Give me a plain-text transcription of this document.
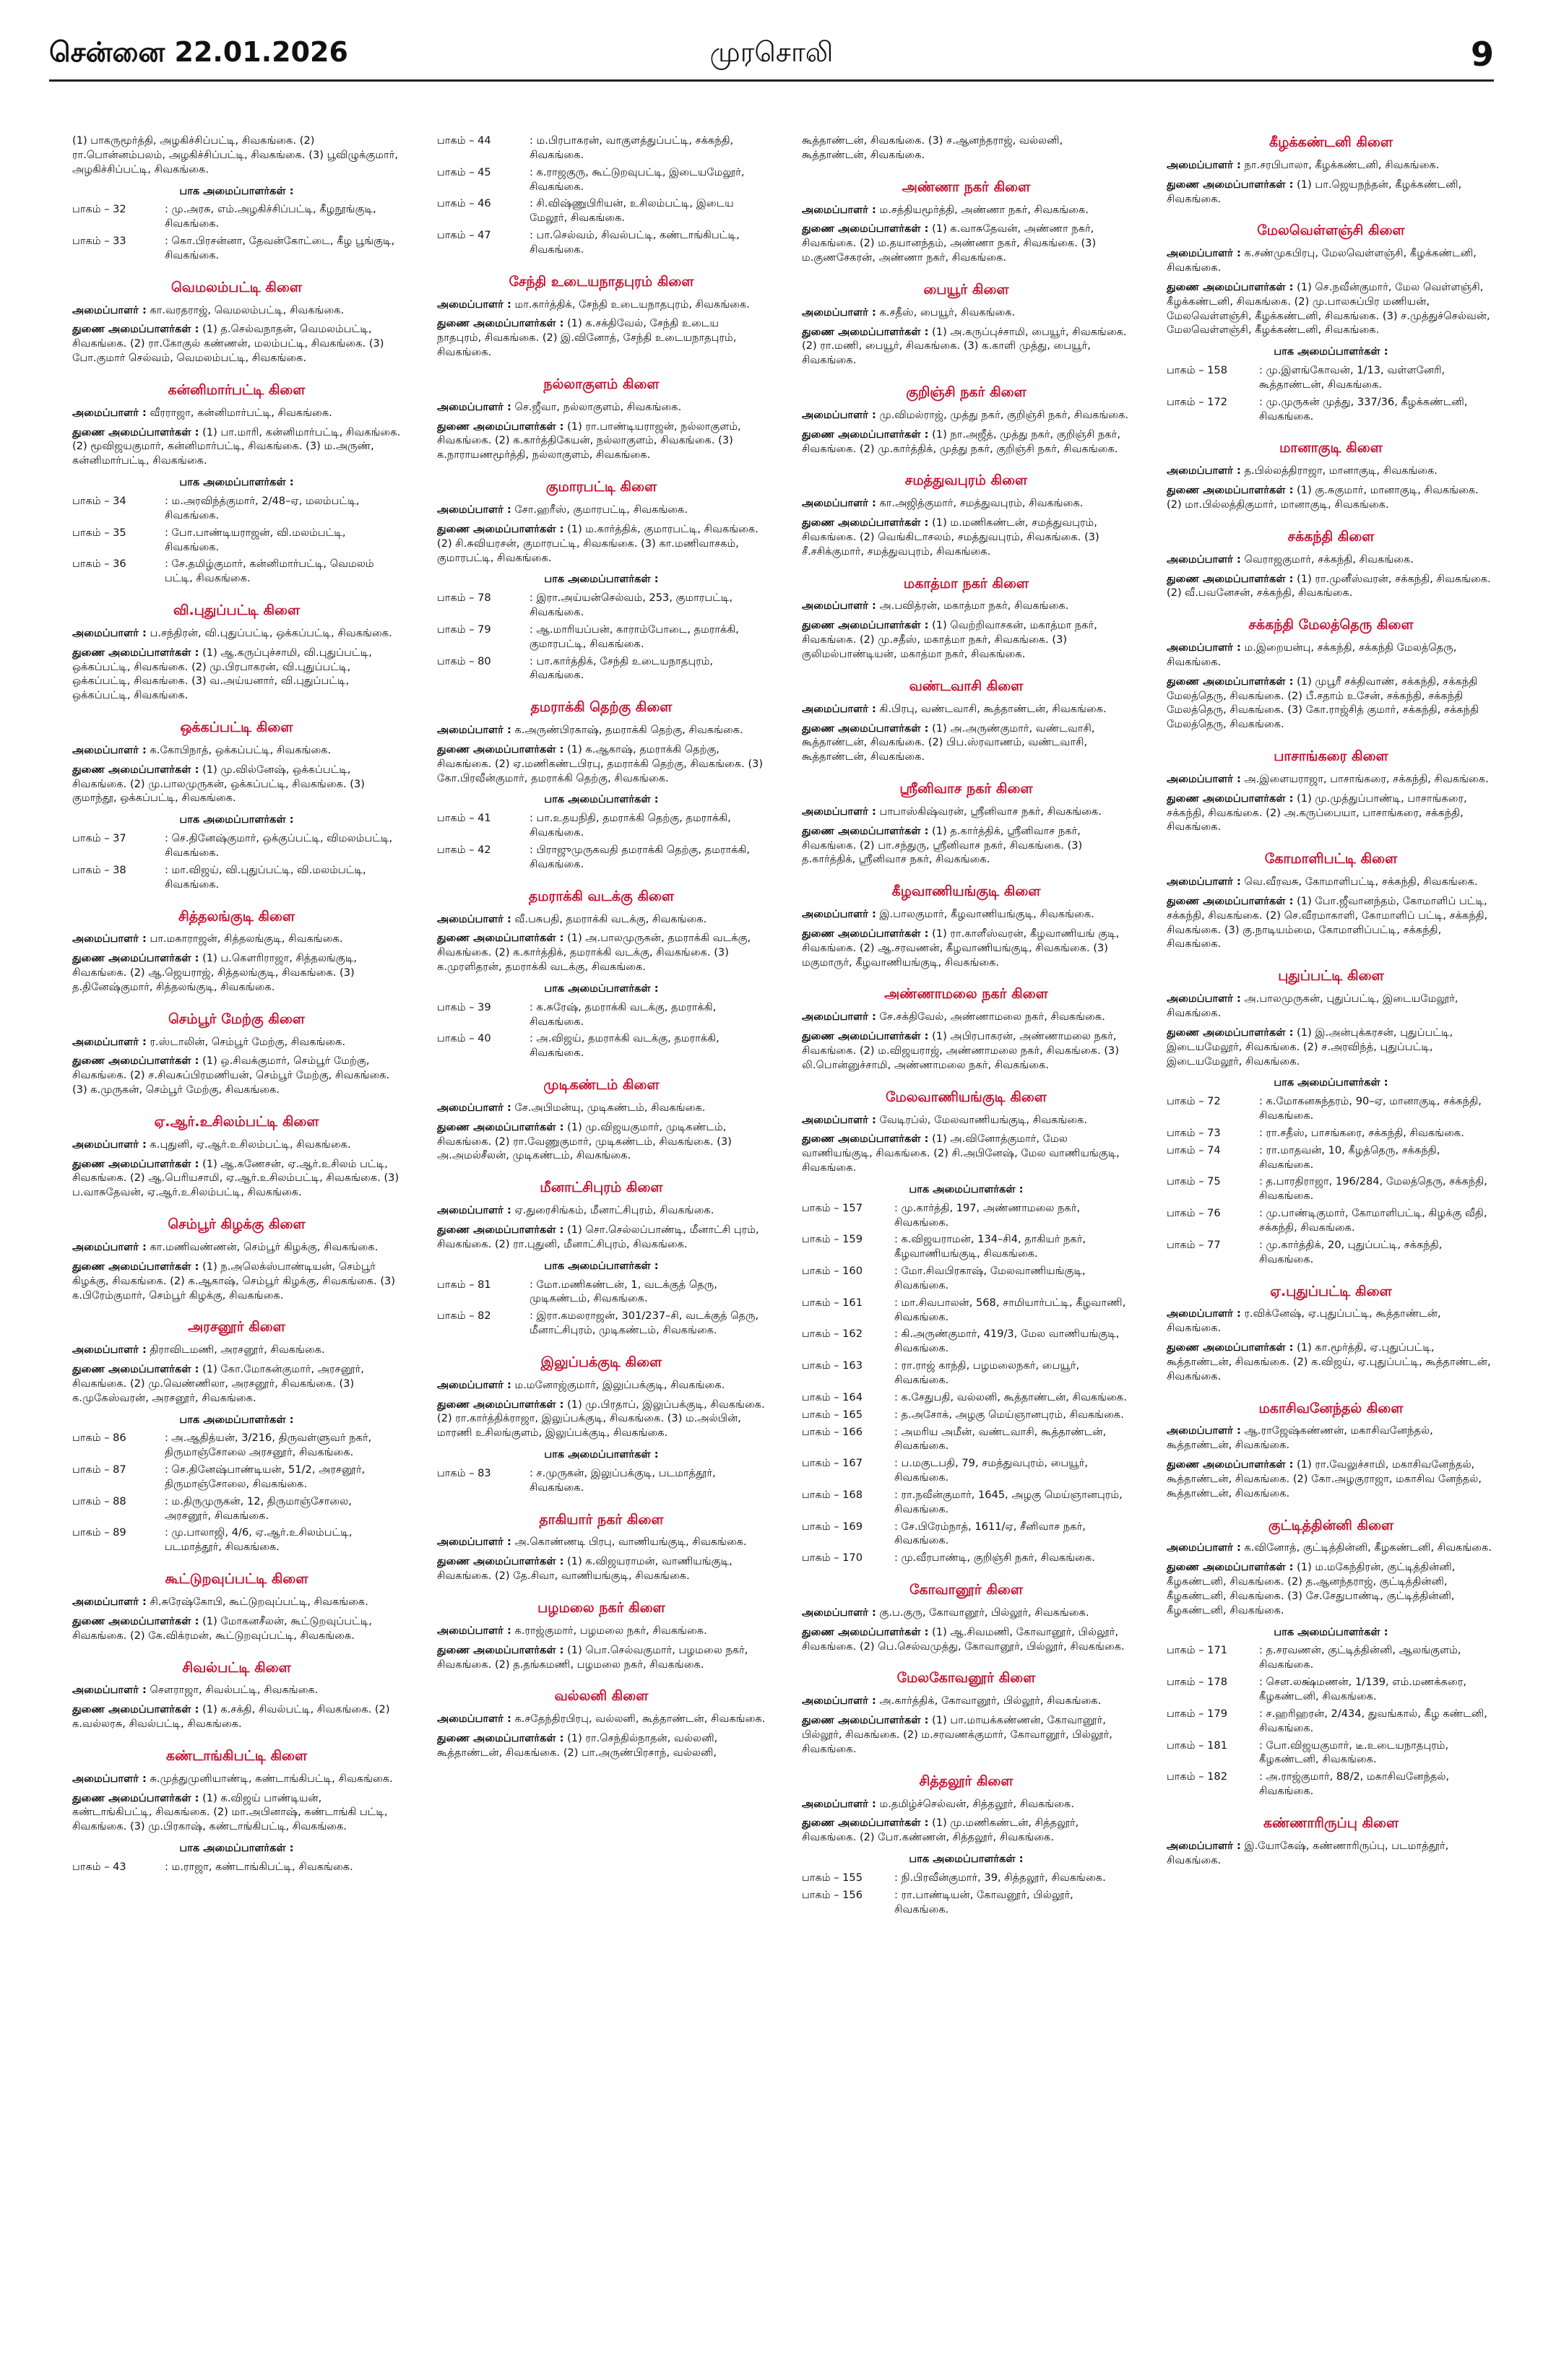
சென்னை 22.01.2026	முரசொலி	9

(1) பாகருமூர்த்தி, அழகிச்சிப்பட்டி, சிவகங்கை. (2) ரா.பொன்னம்பலம், அழகிச்சிப்பட்டி, சிவகங்கை. (3) பூவிழுக்குமார், அழகிச்சிப்பட்டி, சிவகங்கை.

பாக அமைப்பாளர்கள் :
பாகம் – 32	: மு.அரசு, எம்.அழகிச்சிப்பட்டி, கீழநூங்குடி, சிவகங்கை.
பாகம் – 33	: கொ.பிரசன்னா, தேவன்கோட்டை, கீழ பூங்குடி, சிவகங்கை.
வெமலம்பட்டி கிளை

அமைப்பாளர் : கா.வரதராஜ், வெமலம்பட்டி, சிவகங்கை.

துணை அமைப்பாளர்கள் : (1) த.செல்வநாதன், வெமலம்பட்டி, சிவகங்கை. (2) ரா.கோகுல் கண்ணன், மலம்பட்டி, சிவகங்கை. (3) போ.குமார் செல்வம், வெமலம்பட்டி, சிவகங்கை.

கன்னிமார்பட்டி கிளை

அமைப்பாளர் : வீரராஜா, கன்னிமார்பட்டி, சிவகங்கை.

துணை அமைப்பாளர்கள் : (1) பா.மாரி, கன்னிமார்பட்டி, சிவகங்கை. (2) மூவிஜயகுமார், கன்னிமார்பட்டி, சிவகங்கை. (3) ம.அருண், கன்னிமார்பட்டி, சிவகங்கை.

பாக அமைப்பாளர்கள் :
பாகம் – 34	: ம.அரவிந்த்குமார், 2/48–ஏ, மலம்பட்டி, சிவகங்கை.
பாகம் – 35	: போ.பாண்டியராஜன், வி.மலம்பட்டி, சிவகங்கை.
பாகம் – 36	: சே.தமிழ்குமார், கன்னிமார்பட்டி, வெமலம் பட்டி, சிவகங்கை.
வி.புதுப்பட்டி கிளை

அமைப்பாளர் : ப.சந்திரன், வி.புதுப்பட்டி, ஒக்கப்பட்டி, சிவகங்கை.

துணை அமைப்பாளர்கள் : (1) ஆ.கருப்புச்சாமி, வி.புதுப்பட்டி, ஒக்கப்பட்டி, சிவகங்கை. (2) மு.பிரபாகரன், வி.புதுப்பட்டி, ஒக்கப்பட்டி, சிவகங்கை. (3) வ.அய்யனார், வி.புதுப்பட்டி, ஒக்கப்பட்டி, சிவகங்கை.

ஒக்கப்பட்டி கிளை

அமைப்பாளர் : க.கோபிநாத், ஒக்கப்பட்டி, சிவகங்கை.

துணை அமைப்பாளர்கள் : (1) மு.வில்னேஷ், ஒக்கப்பட்டி, சிவகங்கை. (2) மு.பாலமுருகன், ஒக்கப்பட்டி, சிவகங்கை. (3) குமாந்தூ, ஒக்கப்பட்டி, சிவகங்கை.

பாக அமைப்பாளர்கள் :
பாகம் – 37	: செ.தினேஷ்குமார், ஒக்குப்பட்டி, விமலம்பட்டி, சிவகங்கை.
பாகம் – 38	: மா.விஜய், வி.புதுப்பட்டி, வி.மலம்பட்டி, சிவகங்கை.
சித்தலங்குடி கிளை

அமைப்பாளர் : பா.மகாராஜன், சித்தலங்குடி, சிவகங்கை.

துணை அமைப்பாளர்கள் : (1) ப.கௌரிராஜா, சித்தலங்குடி, சிவகங்கை. (2) ஆ.ஜெயராஜ், சித்தலங்குடி, சிவகங்கை. (3) த.தினேஷ்குமார், சித்தலங்குடி, சிவகங்கை.

செம்பூர் மேற்கு கிளை

அமைப்பாளர் : ர.ஸ்டாலின், செம்பூர் மேற்கு, சிவகங்கை.

துணை அமைப்பாளர்கள் : (1) ஒ.சிவக்குமார், செம்பூர் மேற்கு, சிவகங்கை. (2) ச.சிவசுப்பிரமணியன், செம்பூர் மேற்கு, சிவகங்கை. (3) க.முருகன், செம்பூர் மேற்கு, சிவகங்கை.

ஏ.ஆர்.உசிலம்பட்டி கிளை

அமைப்பாளர் : க.புதுனி, ஏ.ஆர்.உசிலம்பட்டி, சிவகங்கை.

துணை அமைப்பாளர்கள் : (1) ஆ.கணேசன், ஏ.ஆர்.உசிலம் பட்டி, சிவகங்கை. (2) ஆ.பெரியசாமி, ஏ.ஆர்.உசிலம்பட்டி, சிவகங்கை. (3) ப.வாசுதேவன், ஏ.ஆர்.உசிலம்பட்டி, சிவகங்கை.

செம்பூர் கிழக்கு கிளை

அமைப்பாளர் : கா.மணிவண்ணன், செம்பூர் கிழக்கு, சிவகங்கை.

துணை அமைப்பாளர்கள் : (1) ந.அலெக்ஸ்பாண்டியன், செம்பூர் கிழக்கு, சிவகங்கை. (2) க.ஆகாஷ், செம்பூர் கிழக்கு, சிவகங்கை. (3) க.பிரேம்குமார், செம்பூர் கிழக்கு, சிவகங்கை.

அரசனூர் கிளை

அமைப்பாளர் : திராவிடமணி, அரசனூர், சிவகங்கை.

துணை அமைப்பாளர்கள் : (1) கோ.மோகன்குமார், அரசனூர், சிவகங்கை. (2) மு.வெண்ணிலா, அரசனூர், சிவகங்கை. (3) க.முகேஸ்வரன், அரசனூர், சிவகங்கை.

பாக அமைப்பாளர்கள் :
பாகம் – 86	: அ.ஆதித்யன், 3/216, திருவள்ளுவர் நகர், திருமாஞ்சோலை அரசனூர், சிவகங்கை.
பாகம் – 87	: செ.தினேஷ்பாண்டியன், 51/2, அரசனூர், திருமாஞ்சோலை, சிவகங்கை.
பாகம் – 88	: ம.திருமுருகன், 12, திருமாஞ்சோலை, அரசனூர், சிவகங்கை.
பாகம் – 89	: மு.பாலாஜி, 4/6, ஏ.ஆர்.உசிலம்பட்டி, படமாத்தூர், சிவகங்கை.
கூட்டுறவுப்பட்டி கிளை

அமைப்பாளர் : சி.சுரேஷ்கோபி, கூட்டுறவுப்பட்டி, சிவகங்கை.

துணை அமைப்பாளர்கள் : (1) மோகனசீலன், கூட்டுறவுப்பட்டி, சிவகங்கை. (2) கே.விக்ரமன், கூட்டுறவுப்பட்டி, சிவகங்கை.

சிவல்பட்டி கிளை

அமைப்பாளர் : செளராஜா, சிவல்பட்டி, சிவகங்கை.

துணை அமைப்பாளர்கள் : (1) க.சக்தி, சிவல்பட்டி, சிவகங்கை. (2) க.வல்லரசு, சிவல்பட்டி, சிவகங்கை.

கண்டாங்கிபட்டி கிளை

அமைப்பாளர் : சு.முத்துமுனியாண்டி, கண்டாங்கிபட்டி, சிவகங்கை.

துணை அமைப்பாளர்கள் : (1) க.விஜய் பாண்டியன், கண்டாங்கிபட்டி, சிவகங்கை. (2) மா.அபினாஷ், கண்டாங்கி பட்டி, சிவகங்கை. (3) மு.பிரகாஷ், கண்டாங்கிபட்டி, சிவகங்கை.

பாக அமைப்பாளர்கள் :
பாகம் – 43	: ம.ராஜா, கண்டாங்கிபட்டி, சிவகங்கை.
பாகம் – 44	: ம.பிரபாகரன், வாகுளத்துப்பட்டி, சக்கந்தி, சிவகங்கை.
பாகம் – 45	: க.ராஜகுரு, கூட்டுறவுபட்டி, இடையமேலூர், சிவகங்கை.
பாகம் – 46	: சி.விஷ்ணுபிரியன், உசிலம்பட்டி, இடைய மேலூர், சிவகங்கை.
பாகம் – 47	: பா.செல்வம், சிவல்பட்டி, கண்டாங்கிபட்டி, சிவகங்கை.
சேந்தி உடையநாதபுரம் கிளை

அமைப்பாளர் : மா.கார்த்திக், சேந்தி உடையநாதபுரம், சிவகங்கை.

துணை அமைப்பாளர்கள் : (1) க.சக்திவேல், சேந்தி உடைய நாதபுரம், சிவகங்கை. (2) இ.வினோத், சேந்தி உடையநாதபுரம், சிவகங்கை.

நல்லாகுளம் கிளை

அமைப்பாளர் : செ.ஜீவா, நல்லாகுளம், சிவகங்கை.

துணை அமைப்பாளர்கள் : (1) ரா.பாண்டியராஜன், நல்லாகுளம், சிவகங்கை. (2) க.கார்த்திகேயன், நல்லாகுளம், சிவகங்கை. (3) க.நாராயணமூர்த்தி, நல்லாகுளம், சிவகங்கை.

குமாரபட்டி கிளை

அமைப்பாளர் : சோ.ஹரீஸ், குமாரபட்டி, சிவகங்கை.

துணை அமைப்பாளர்கள் : (1) ம.கார்த்திக், குமாரபட்டி, சிவகங்கை. (2) சி.சுவியரசன், குமாரபட்டி, சிவகங்கை. (3) கா.மணிவாசகம், குமாரபட்டி, சிவகங்கை.

பாக அமைப்பாளர்கள் :
பாகம் – 78	: இரா.அய்யன்செல்வம், 253, குமாரபட்டி, சிவகங்கை.
பாகம் – 79	: ஆ.மாரியப்பன், காராம்போடை, தமராக்கி, குமாரபட்டி, சிவகங்கை.
பாகம் – 80	: பா.கார்த்திக், சேந்தி உடையநாதபுரம், சிவகங்கை.
தமராக்கி தெற்கு கிளை

அமைப்பாளர் : க.அருண்பிரகாஷ், தமராக்கி தெற்கு, சிவகங்கை.

துணை அமைப்பாளர்கள் : (1) க.ஆகாஷ், தமராக்கி தெற்கு, சிவகங்கை. (2) ஏ.மணிகண்டபிரபு, தமராக்கி தெற்கு, சிவகங்கை. (3) கோ.பிரவீன்குமார், தமராக்கி தெற்கு, சிவகங்கை.

பாக அமைப்பாளர்கள் :
பாகம் – 41	: பா.உதயநிதி, தமராக்கி தெற்கு, தமராக்கி, சிவகங்கை.
பாகம் – 42	: பிராஜுமுருகவதி தமராக்கி தெற்கு, தமராக்கி, சிவகங்கை.
தமராக்கி வடக்கு கிளை

அமைப்பாளர் : வீ.பசுபதி, தமராக்கி வடக்கு, சிவகங்கை.

துணை அமைப்பாளர்கள் : (1) அ.பாலமுருகன், தமராக்கி வடக்கு, சிவகங்கை. (2) க.கார்த்திக், தமராக்கி வடக்கு, சிவகங்கை. (3) க.முரளிதரன், தமராக்கி வடக்கு, சிவகங்கை.

பாக அமைப்பாளர்கள் :
பாகம் – 39	: க.சுரேஷ், தமராக்கி வடக்கு, தமராக்கி, சிவகங்கை.
பாகம் – 40	: அ.விஜய், தமராக்கி வடக்கு, தமராக்கி, சிவகங்கை.
முடிகண்டம் கிளை

அமைப்பாளர் : சே.அபிமன்யு, முடிகண்டம், சிவகங்கை.

துணை அமைப்பாளர்கள் : (1) மு.விஜயகுமார், முடிகண்டம், சிவகங்கை. (2) ரா.வேணுகுமார், முடிகண்டம், சிவகங்கை. (3) அ.அமல்சீலன், முடிகண்டம், சிவகங்கை.

மீனாட்சிபுரம் கிளை

அமைப்பாளர் : ஏ.துரைசிங்கம், மீனாட்சிபுரம், சிவகங்கை.

துணை அமைப்பாளர்கள் : (1) சொ.செல்லப்பாண்டி, மீனாட்சி புரம், சிவகங்கை. (2) ரா.புதுனி, மீனாட்சிபுரம், சிவகங்கை.

பாக அமைப்பாளர்கள் :
பாகம் – 81	: மோ.மணிகண்டன், 1, வடக்குத் தெரு, முடிகண்டம், சிவகங்கை.
பாகம் – 82	: இரா.கமலராஜன், 301/237–சி, வடக்குத் தெரு, மீனாட்சிபுரம், முடிகண்டம், சிவகங்கை.
இலுப்பக்குடி கிளை

அமைப்பாளர் : ம.மனோஜ்குமார், இலுப்பக்குடி, சிவகங்கை.

துணை அமைப்பாளர்கள் : (1) மு.பிரதாப், இலுப்பக்குடி, சிவகங்கை. (2) ரா.கார்த்திக்ராஜா, இலுப்பக்குடி, சிவகங்கை. (3) ம.அல்பின், மாரணி உசிலங்குளம், இலுப்பக்குடி, சிவகங்கை.

பாக அமைப்பாளர்கள் :
பாகம் – 83	: ச.முருகன், இலுப்பக்குடி, படமாத்தூர், சிவகங்கை.
தாகியார் நகர் கிளை

அமைப்பாளர் : அ.கொண்ணடி பிரபு, வாணியங்குடி, சிவகங்கை.

துணை அமைப்பாளர்கள் : (1) க.விஜயராமன், வாணியங்குடி, சிவகங்கை. (2) தே.சிவா, வாணியங்குடி, சிவகங்கை.

பழமலை நகர் கிளை

அமைப்பாளர் : க.ராஜ்குமார், பழமலை நகர், சிவகங்கை.

துணை அமைப்பாளர்கள் : (1) பொ.செல்வகுமார், பழமலை நகர், சிவகங்கை. (2) த.தங்கமணி, பழமலை நகர், சிவகங்கை.

வல்லனி கிளை

அமைப்பாளர் : க.சதேந்திரபிரபு, வல்லனி, கூத்தாண்டன், சிவகங்கை.

துணை அமைப்பாளர்கள் : (1) ரா.செந்தில்நாதன், வல்லனி, கூத்தாண்டன், சிவகங்கை. (2) பா.அருண்பிரசாந், வல்லனி,

கூத்தாண்டன், சிவகங்கை. (3) ச.ஆனந்தராஜ், வல்லனி, கூத்தாண்டன், சிவகங்கை.

அண்ணா நகர் கிளை

அமைப்பாளர் : ம.சத்தியமூர்த்தி, அண்ணா நகர், சிவகங்கை.

துணை அமைப்பாளர்கள் : (1) க.வாசுதேவன், அண்ணா நகர், சிவகங்கை. (2) ம.தயானந்தம், அண்ணா நகர், சிவகங்கை. (3) ம.குணசேகரன், அண்ணா நகர், சிவகங்கை.

பையூர் கிளை

அமைப்பாளர் : க.சதீஸ், பையூர், சிவகங்கை.

துணை அமைப்பாளர்கள் : (1) அ.கருப்புச்சாமி, பையூர், சிவகங்கை. (2) ரா.மணி, பையூர், சிவகங்கை. (3) க.காளி முத்து, பையூர், சிவகங்கை.

குறிஞ்சி நகர் கிளை

அமைப்பாளர் : மு.விமல்ராஜ், முத்து நகர், குறிஞ்சி நகர், சிவகங்கை.

துணை அமைப்பாளர்கள் : (1) நா.அஜீத், முத்து நகர், குறிஞ்சி நகர், சிவகங்கை. (2) மு.கார்த்திக், முத்து நகர், குறிஞ்சி நகர், சிவகங்கை.

சமத்துவபுரம் கிளை

அமைப்பாளர் : கா.அஜித்குமார், சமத்துவபுரம், சிவகங்கை.

துணை அமைப்பாளர்கள் : (1) ம.மணிகண்டன், சமத்துவபுரம், சிவகங்கை. (2) வெங்கிடாசலம், சமத்துவபுரம், சிவகங்கை. (3) சீ.சசிக்குமார், சமத்துவபுரம், சிவகங்கை.

மகாத்மா நகர் கிளை

அமைப்பாளர் : அ.பவித்ரன், மகாத்மா நகர், சிவகங்கை.

துணை அமைப்பாளர்கள் : (1) வெற்றிவாசகன், மகாத்மா நகர், சிவகங்கை. (2) மு.சதீஸ், மகாத்மா நகர், சிவகங்கை. (3) குலிமல்பாண்டியன், மகாத்மா நகர், சிவகங்கை.

வண்டவாசி கிளை

அமைப்பாளர் : கி.பிரபு, வண்டவாசி, கூத்தாண்டன், சிவகங்கை.

துணை அமைப்பாளர்கள் : (1) அ.அருண்குமார், வண்டவாசி, கூத்தாண்டன், சிவகங்கை. (2) பிப.ஸ்ரவாணம், வண்டவாசி, கூத்தாண்டன், சிவகங்கை.

ஸ்ரீனிவாச நகர் கிளை

அமைப்பாளர் : பாபாஸ்கிஷ்வரன், ஸ்ரீனிவாச நகர், சிவகங்கை.

துணை அமைப்பாளர்கள் : (1) த.கார்த்திக், ஸ்ரீனிவாச நகர், சிவகங்கை. (2) பா.சந்துரு, ஸ்ரீனிவாச நகர், சிவகங்கை. (3) த.கார்த்திக், ஸ்ரீனிவாச நகர், சிவகங்கை.

கீழவாணியங்குடி கிளை

அமைப்பாளர் : இ.பாலகுமார், கீழவாணியங்குடி, சிவகங்கை.

துணை அமைப்பாளர்கள் : (1) ரா.காளீஸ்வரன், கீழவாணியங் குடி, சிவகங்கை. (2) ஆ.சரவணன், கீழவாணியங்குடி, சிவகங்கை. (3) மகுமாருர், கீழவாணியங்குடி, சிவகங்கை.

அண்ணாமலை நகர் கிளை

அமைப்பாளர் : சே.சக்திவேல், அண்ணாமலை நகர், சிவகங்கை.

துணை அமைப்பாளர்கள் : (1) அபிரபாகரன், அண்ணாமலை நகர், சிவகங்கை. (2) ம.விஜயராஜ், அண்ணாமலை நகர், சிவகங்கை. (3) லி.பொன்னுச்சாமி, அண்ணாமலை நகர், சிவகங்கை.

மேலவாணியங்குடி கிளை

அமைப்பாளர் : வேடிரப்ல், மேலவாணியங்குடி, சிவகங்கை.

துணை அமைப்பாளர்கள் : (1) அ.வினோத்குமார், மேல வாணியங்குடி, சிவகங்கை. (2) சி.அபினேஷ், மேல வாணியங்குடி, சிவகங்கை.

பாக அமைப்பாளர்கள் :
பாகம் – 157	: மு.கார்த்தி, 197, அண்ணாமலை நகர், சிவகங்கை.
பாகம் – 159	: க.விஜயராமன், 134–சி4, தாகியர் நகர், கீழவாணியங்குடி, சிவகங்கை.
பாகம் – 160	: மோ.சிவபிரகாஷ், மேலவாணியங்குடி, சிவகங்கை.
பாகம் – 161	: மா.சிவபாலன், 568, சாமியார்பட்டி, கீழவாணி, சிவகங்கை.
பாகம் – 162	: கி.அருண்குமார், 419/3, மேல வாணியங்குடி, சிவகங்கை.
பாகம் – 163	: ரா.ராஜ் காந்தி, பழமலைநகர், பையூர், சிவகங்கை.
பாகம் – 164	: க.சேதுபதி, வல்லனி, கூத்தாண்டன், சிவகங்கை.
பாகம் – 165	: த.அசோக், அழகு மெய்ஞானபுரம், சிவகங்கை.
பாகம் – 166	: அமரிய அமீன், வண்டவாசி, கூத்தாண்டன், சிவகங்கை.
பாகம் – 167	: ப.மகுடபதி, 79, சமத்துவபுரம், பையூர், சிவகங்கை.
பாகம் – 168	: ரா.நவீன்குமார், 1645, அழகு மெய்ஞானபுரம், சிவகங்கை.
பாகம் – 169	: சே.பிரேம்நாத், 1611/ஏ, சீனிவாச நகர், சிவகங்கை.
பாகம் – 170	: மு.வீரபாண்டி, குறிஞ்சி நகர், சிவகங்கை.
கோவானூர் கிளை

அமைப்பாளர் : கு.ப.குரு, கோவானூர், பில்லூர், சிவகங்கை.

துணை அமைப்பாளர்கள் : (1) ஆ.சிவமணி, கோவானூர், பில்லூர், சிவகங்கை. (2) பெ.செல்வமுத்து, கோவானூர், பில்லூர், சிவகங்கை.

மேலகோவனூர் கிளை

அமைப்பாளர் : அ.கார்த்திக், கோவானூர், பில்லூர், சிவகங்கை.

துணை அமைப்பாளர்கள் : (1) பா.மாயக்கண்ணன், கோவானூர், பில்லூர், சிவகங்கை. (2) ம.சரவணக்குமார், கோவானூர், பில்லூர், சிவகங்கை.

சித்தலூர் கிளை

அமைப்பாளர் : ம.தமிழ்ச்செல்வன், சித்தலூர், சிவகங்கை.

துணை அமைப்பாளர்கள் : (1) மு.மணிகண்டன், சித்தலூர், சிவகங்கை. (2) போ.கண்ணன், சித்தலூர், சிவகங்கை.

பாக அமைப்பாளர்கள் :
பாகம் – 155	: நி.பிரவீன்குமார், 39, சித்தலூர், சிவகங்கை.
பாகம் – 156	: ரா.பாண்டியன், கோவனூர், பில்லூர், சிவகங்கை.
கீழக்கண்டனி கிளை

அமைப்பாளர் : நா.சரபிபாலா, கீழக்கண்டனி, சிவகங்கை.

துணை அமைப்பாளர்கள் : (1) பா.ஜெயநந்தன், கீழக்கண்டனி, சிவகங்கை.

மேலவெள்ளஞ்சி கிளை

அமைப்பாளர் : க.சண்முகபிரபு, மேலவெள்ளஞ்சி, கீழக்கண்டனி, சிவகங்கை.

துணை அமைப்பாளர்கள் : (1) செ.நவீன்குமார், மேல வெள்ளஞ்சி, கீழக்கண்டனி, சிவகங்கை. (2) மு.பாலசுப்பிர மணியன், மேலவெள்ளஞ்சி, கீழக்கண்டனி, சிவகங்கை. (3) ச.முத்துச்செல்வன், மேலவெள்ளஞ்சி, கீழக்கண்டனி, சிவகங்கை.

பாக அமைப்பாளர்கள் :
பாகம் – 158	: மு.இளங்கோவன், 1/13, வள்ளனேரி, கூத்தாண்டன், சிவகங்கை.
பாகம் – 172	: மு.முருகன் முத்து, 337/36, கீழக்கண்டனி, சிவகங்கை.
மானாகுடி கிளை

அமைப்பாளர் : த.பில்லத்திராஜா, மானாகுடி, சிவகங்கை.

துணை அமைப்பாளர்கள் : (1) கு.சுகுமார், மானாகுடி, சிவகங்கை. (2) மா.பில்லத்திகுமார், மானாகுடி, சிவகங்கை.

சக்கந்தி கிளை

அமைப்பாளர் : வெராஜகுமார், சக்கந்தி, சிவகங்கை.

துணை அமைப்பாளர்கள் : (1) ரா.முனீஸ்வரன், சக்கந்தி, சிவகங்கை. (2) வீ.பவனேசன், சக்கந்தி, சிவகங்கை.

சக்கந்தி மேலத்தெரு கிளை

அமைப்பாளர் : ம.இறையன்பு, சக்கந்தி, சக்கந்தி மேலத்தெரு, சிவகங்கை.

துணை அமைப்பாளர்கள் : (1) முபூரீ சக்திவாண், சக்கந்தி, சக்கந்தி மேலத்தெரு, சிவகங்கை. (2) பீ.சதாம் உசேன், சக்கந்தி, சக்கந்தி மேலத்தெரு, சிவகங்கை. (3) கோ.ராஜ்சித் குமார், சக்கந்தி, சக்கந்தி மேலத்தெரு, சிவகங்கை.

பாசாங்கரை கிளை

அமைப்பாளர் : அ.இளையராஜா, பாசாங்கரை, சக்கந்தி, சிவகங்கை.

துணை அமைப்பாளர்கள் : (1) மு.முத்துப்பாண்டி, பாசாங்கரை, சக்கந்தி, சிவகங்கை. (2) அ.கருப்பையா, பாசாங்கரை, சக்கந்தி, சிவகங்கை.

கோமாளிபட்டி கிளை

அமைப்பாளர் : வெ.வீரவசு, கோமாளிபட்டி, சக்கந்தி, சிவகங்கை.

துணை அமைப்பாளர்கள் : (1) போ.ஜீவானந்தம், கோமாளிப் பட்டி, சக்கந்தி, சிவகங்கை. (2) செ.வீரமாகாளி, கோமாளிப் பட்டி, சக்கந்தி, சிவகங்கை. (3) கு.நாடியம்மை, கோமாளிப்பட்டி, சக்கந்தி, சிவகங்கை.

புதுப்பட்டி கிளை

அமைப்பாளர் : அ.பாலமுருகன், புதுப்பட்டி, இடையமேலூர், சிவகங்கை.

துணை அமைப்பாளர்கள் : (1) இ.அன்புக்கரசன், புதுப்பட்டி, இடையமேலூர், சிவகங்கை. (2) ச.அரவிந்த், புதுப்பட்டி, இடையமேலூர், சிவகங்கை.

பாக அமைப்பாளர்கள் :
பாகம் – 72	: க.மோகனசுந்தரம், 90–ஏ, மானாகுடி, சக்கந்தி, சிவகங்கை.
பாகம் – 73	: ரா.சதீஸ், பாசங்கரை, சக்கந்தி, சிவகங்கை.
பாகம் – 74	: ரா.மாதவன், 10, கீழத்தெரு, சக்கந்தி, சிவகங்கை.
பாகம் – 75	: த.பாரதிராஜா, 196/284, மேலத்தெரு, சக்கந்தி, சிவகங்கை.
பாகம் – 76	: மு.பாண்டிகுமார், கோமாளிபட்டி, கிழக்கு வீதி, சக்கந்தி, சிவகங்கை.
பாகம் – 77	: மு.கார்த்திக், 20, புதுப்பட்டி, சக்கந்தி, சிவகங்கை.
ஏ.புதுப்பட்டி கிளை

அமைப்பாளர் : ர.விக்னேஷ், ஏ.புதுப்பட்டி, கூத்தாண்டன், சிவகங்கை.

துணை அமைப்பாளர்கள் : (1) கா.மூர்த்தி, ஏ.புதுப்பட்டி, கூத்தாண்டன், சிவகங்கை. (2) க.விஜய், ஏ.புதுப்பட்டி, கூத்தாண்டன், சிவகங்கை.

மகாசிவனேந்தல் கிளை

அமைப்பாளர் : ஆ.ராஜேஷ்கண்ணன், மகாசிவனேந்தல், கூத்தாண்டன், சிவகங்கை.

துணை அமைப்பாளர்கள் : (1) ரா.வேலுச்சாமி, மகாசிவனேந்தல், கூத்தாண்டன், சிவகங்கை. (2) கோ.அழகுராஜா, மகாசிவ னேந்தல், கூத்தாண்டன், சிவகங்கை.

குட்டித்தின்னி கிளை

அமைப்பாளர் : க.வினோத், குட்டித்தின்னி, கீழகண்டனி, சிவகங்கை.

துணை அமைப்பாளர்கள் : (1) ம.மகேந்திரன், குட்டித்தின்னி, கீழகண்டனி, சிவகங்கை. (2) த.ஆனந்தராஜ், குட்டித்தின்னி, கீழகண்டனி, சிவகங்கை. (3) சே.சேதுபாண்டி, குட்டித்தின்னி, கீழகண்டனி, சிவகங்கை.

பாக அமைப்பாளர்கள் :
பாகம் – 171	: த.சரவணன், குட்டித்தின்னி, ஆலங்குளம், சிவகங்கை.
பாகம் – 178	: செள.லக்ஷ்மணன், 1/139, எம்.மணக்கரை, கீழகண்டனி, சிவகங்கை.
பாகம் – 179	: ச.ஹரிஹரன், 2/434, துவங்கால், கீழ கண்டனி, சிவகங்கை.
பாகம் – 181	: போ.விஜயகுமார், டீ.உடையநாதபுரம், கீழகண்டனி, சிவகங்கை.
பாகம் – 182	: அ.ராஜ்குமார், 88/2, மகாசிவனேந்தல், சிவகங்கை.
கண்ணாரிருப்பு கிளை

அமைப்பாளர் : இ.யோகேஷ், கண்ணாரிருப்பு, படமாத்தூர், சிவகங்கை.
